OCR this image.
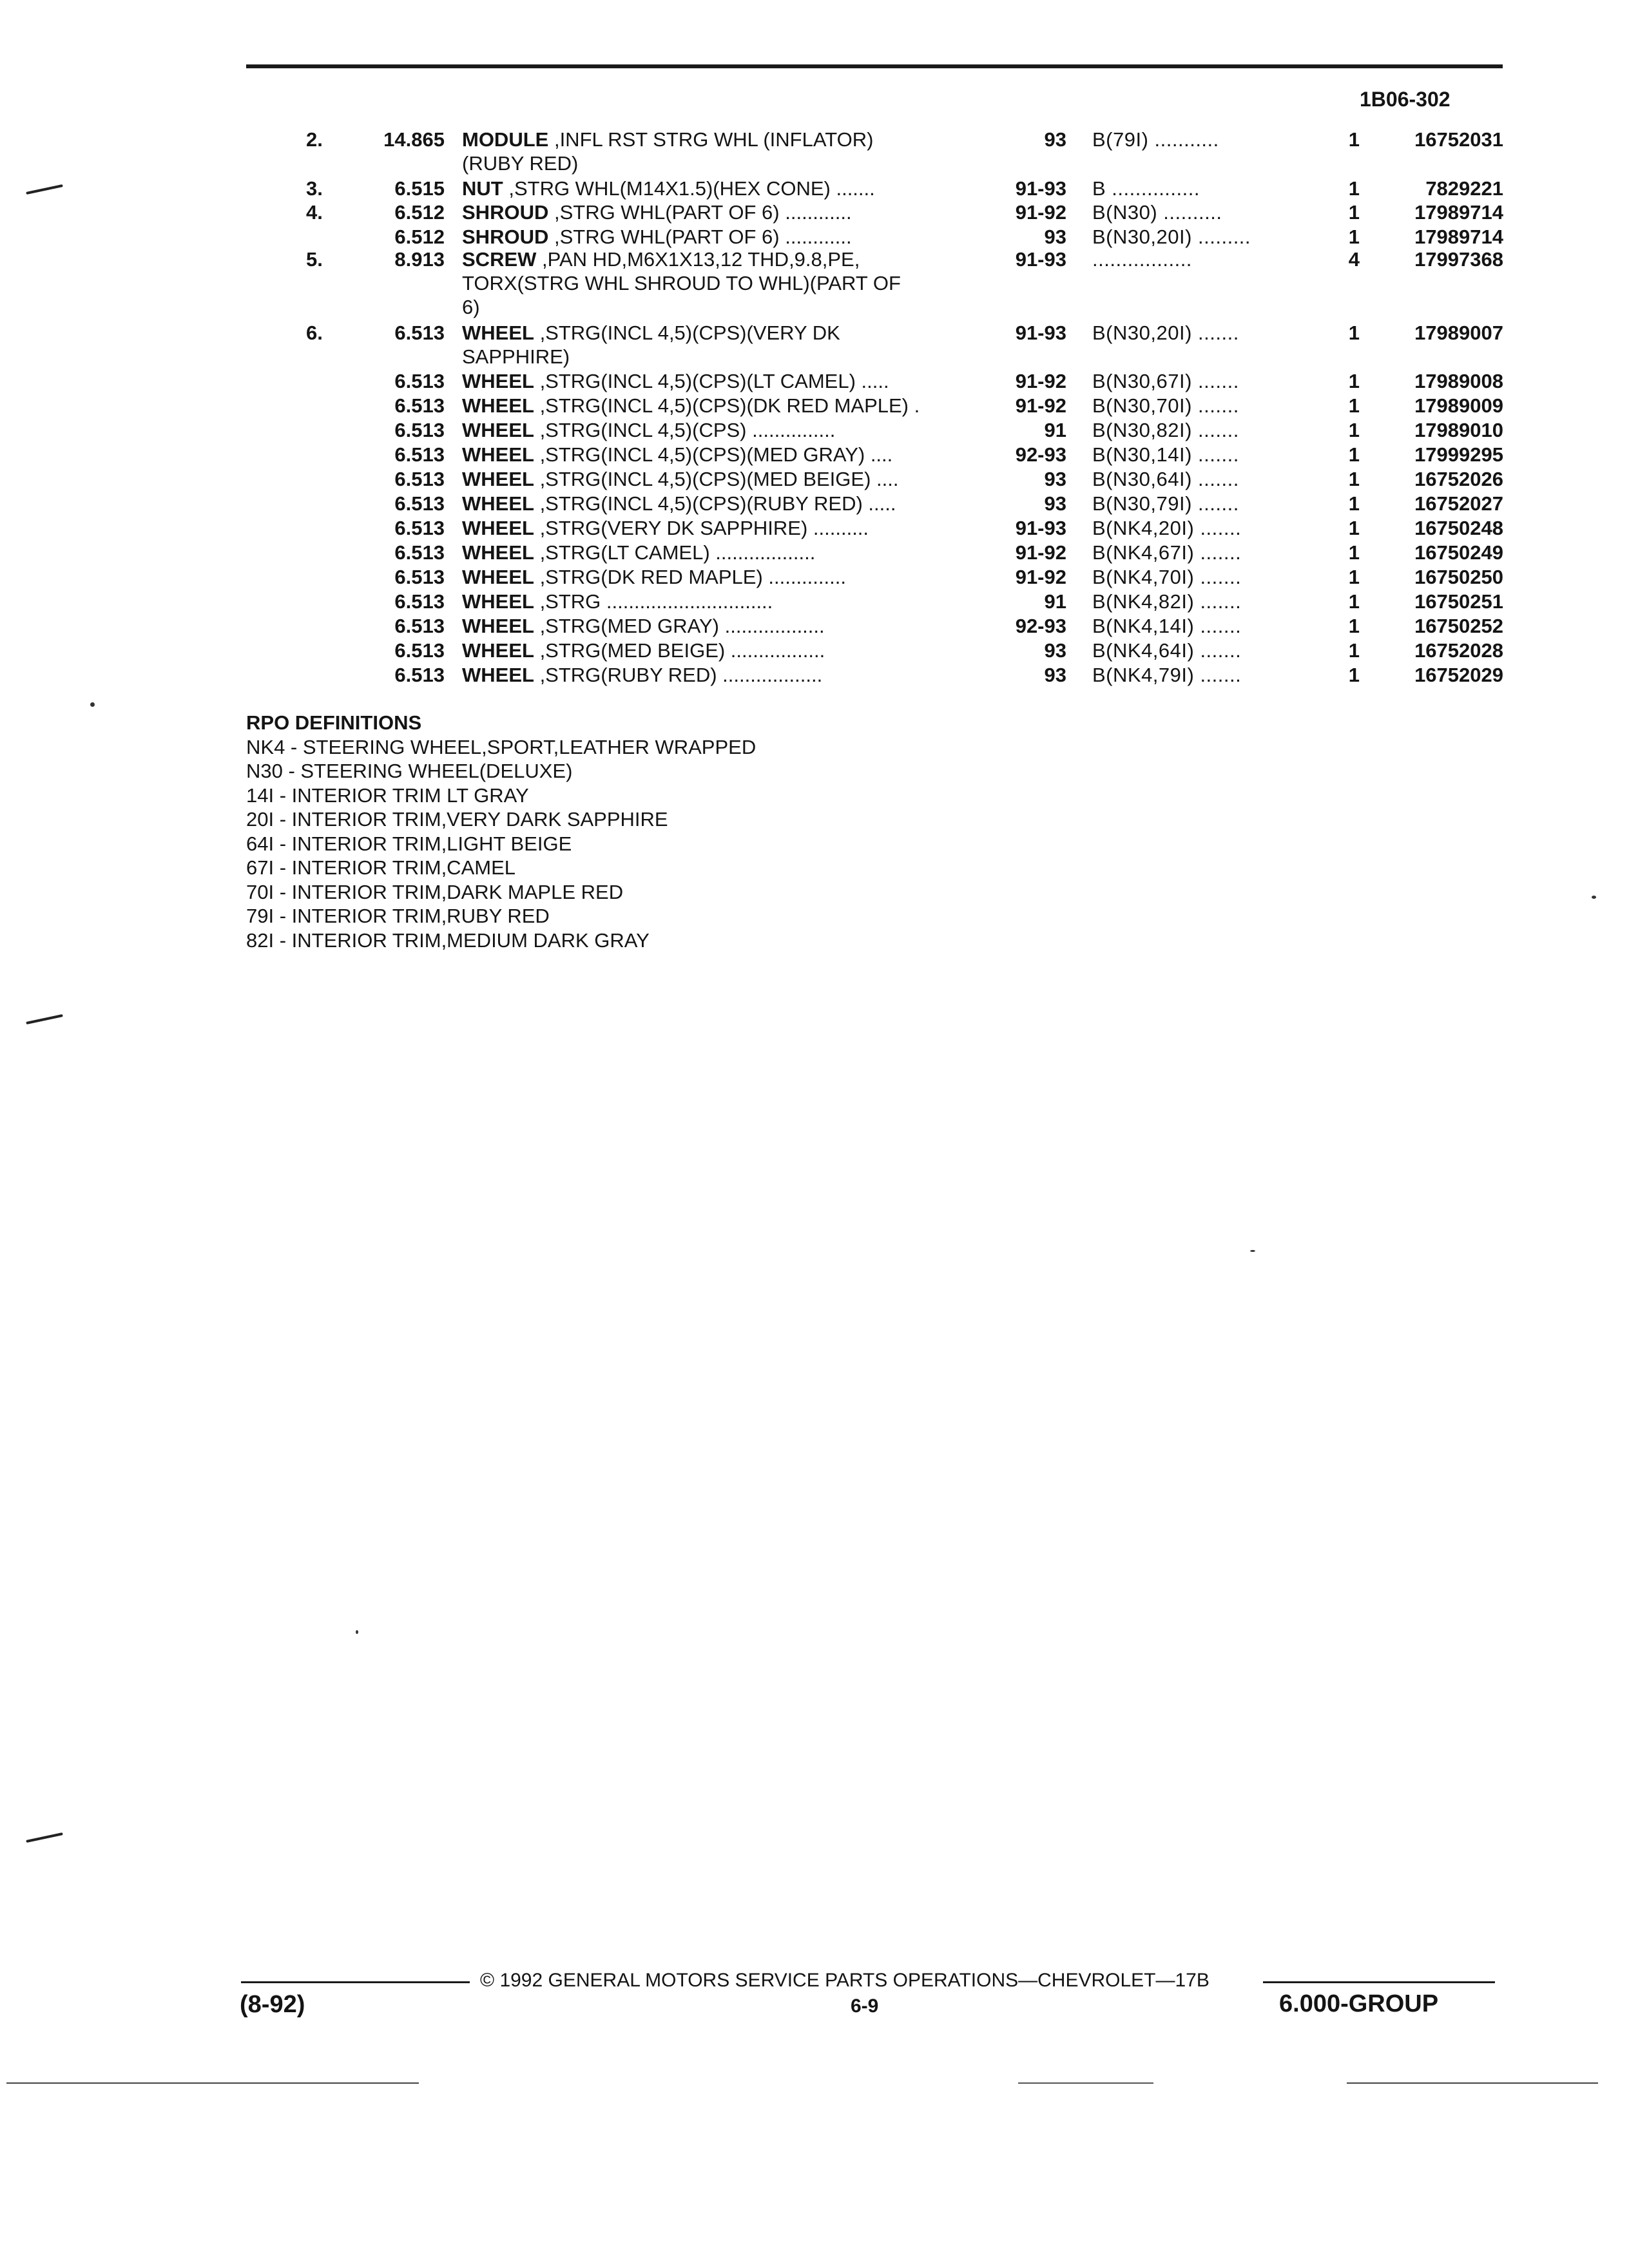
1B06-302
2.	14.865 MODULE ,INFL RST STRG WHL (INFLATOR)
(RUBY RED)
93 B(79I) ...........	1	16752031
3.	6.515 NUT ,STRG WHL(M14X1.5)(HEX CONE) .......	91-93 B ...............	1	7829221
4.	6.512 SHROUD ,STRG WHL(PART OF 6) ............	91-92 B(N30) ..........	1	17989714
6.512 SHROUD ,STRG WHL(PART OF 6) ............	93 B(N30,20I) .........	1	17989714
5.	8.913 SCREW ,PAN HD,M6X1X13,12 THD,9.8,PE,
TORX(STRG WHL SHROUD TO WHL)(PART OF
6)
91-93 .................	4	17997368
6.	6.513 WHEEL ,STRG(INCL 4,5)(CPS)(VERY DK
SAPPHIRE)
91-93 B(N30,20I) .......	1	17989007
6.513 WHEEL ,STRG(INCL 4,5)(CPS)(LT CAMEL) .....	91-92 B(N30,67I) .......	1	17989008
6.513 WHEEL ,STRG(INCL 4,5)(CPS)(DK RED MAPLE) .	91-92 B(N30,70I) .......	1	17989009
6.513 WHEEL ,STRG(INCL 4,5)(CPS) ...............	91 B(N30,82I) .......	1	17989010
6.513 WHEEL ,STRG(INCL 4,5)(CPS)(MED GRAY) ....	92-93 B(N30,14I) .......	1	17999295
6.513 WHEEL ,STRG(INCL 4,5)(CPS)(MED BEIGE) ....	93 B(N30,64I) .......	1	16752026
6.513 WHEEL ,STRG(INCL 4,5)(CPS)(RUBY RED) .....	93 B(N30,79I) .......	1	16752027
6.513 WHEEL ,STRG(VERY DK SAPPHIRE) ..........	91-93 B(NK4,20I) .......	1	16750248
6.513 WHEEL ,STRG(LT CAMEL) ..................	91-92 B(NK4,67I) .......	1	16750249
6.513 WHEEL ,STRG(DK RED MAPLE) ..............	91-92 B(NK4,70I) .......	1	16750250
6.513 WHEEL ,STRG ..............................	91 B(NK4,82I) .......	1	16750251
6.513 WHEEL ,STRG(MED GRAY) ..................	92-93 B(NK4,14I) .......	1	16750252
6.513 WHEEL ,STRG(MED BEIGE) .................	93 B(NK4,64I) .......	1	16752028
6.513 WHEEL ,STRG(RUBY RED) ..................	93 B(NK4,79I) .......	1	16752029
RPO DEFINITIONS
NK4 - STEERING WHEEL,SPORT,LEATHER WRAPPED
N30 - STEERING WHEEL(DELUXE)
14I - INTERIOR TRIM LT GRAY
20I - INTERIOR TRIM,VERY DARK SAPPHIRE
64I - INTERIOR TRIM,LIGHT BEIGE
67I - INTERIOR TRIM,CAMEL
70I - INTERIOR TRIM,DARK MAPLE RED
79I - INTERIOR TRIM,RUBY RED
82I - INTERIOR TRIM,MEDIUM DARK GRAY
© 1992 GENERAL MOTORS SERVICE PARTS OPERATIONS—CHEVROLET—17B
(8-92)	6-9	6.000-GROUP
